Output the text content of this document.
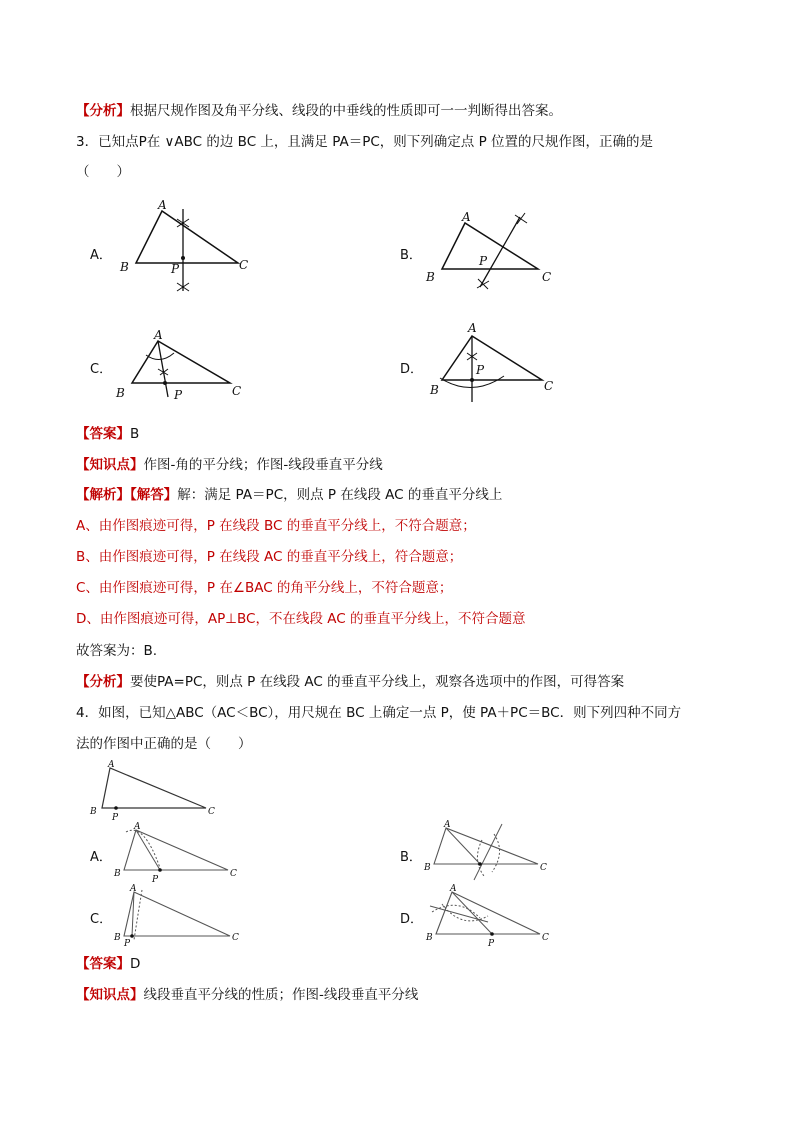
【分析】根据尺规作图及角平分线、线段的中垂线的性质即可一一判断得出答案。
3．已知点P在 ∨ABC 的边 BC 上，且满足 PA＝PC，则下列确定点 P 位置的尺规作图，正确的是
（　　）
A．
A
B	C
P
B．
A
B	C
P
C．
A
B	C
P
D．
A
B	C
P
【答案】B
【知识点】作图-角的平分线；作图-线段垂直平分线
【解析】【解答】解：满足 PA＝PC，则点 P 在线段 AC 的垂直平分线上
A、由作图痕迹可得，P 在线段 BC 的垂直平分线上，不符合题意；
B、由作图痕迹可得，P 在线段 AC 的垂直平分线上，符合题意；
C、由作图痕迹可得，P 在∠BAC 的角平分线上，不符合题意；
D、由作图痕迹可得，AP⊥BC，不在线段 AC 的垂直平分线上，不符合题意
故答案为：B.
【分析】要使PA=PC，则点 P 在线段 AC 的垂直平分线上，观察各选项中的作图，可得答案
4．如图，已知△ABC（AC＜BC），用尺规在 BC 上确定一点 P，使 PA＋PC＝BC．则下列四种不同方
法的作图中正确的是（　　）
A
B	C
P
A．
A
B	C
P
B．
A
B	C
C．
A
B	C
P
D．
A
B	C
P
【答案】D
【知识点】线段垂直平分线的性质；作图-线段垂直平分线
